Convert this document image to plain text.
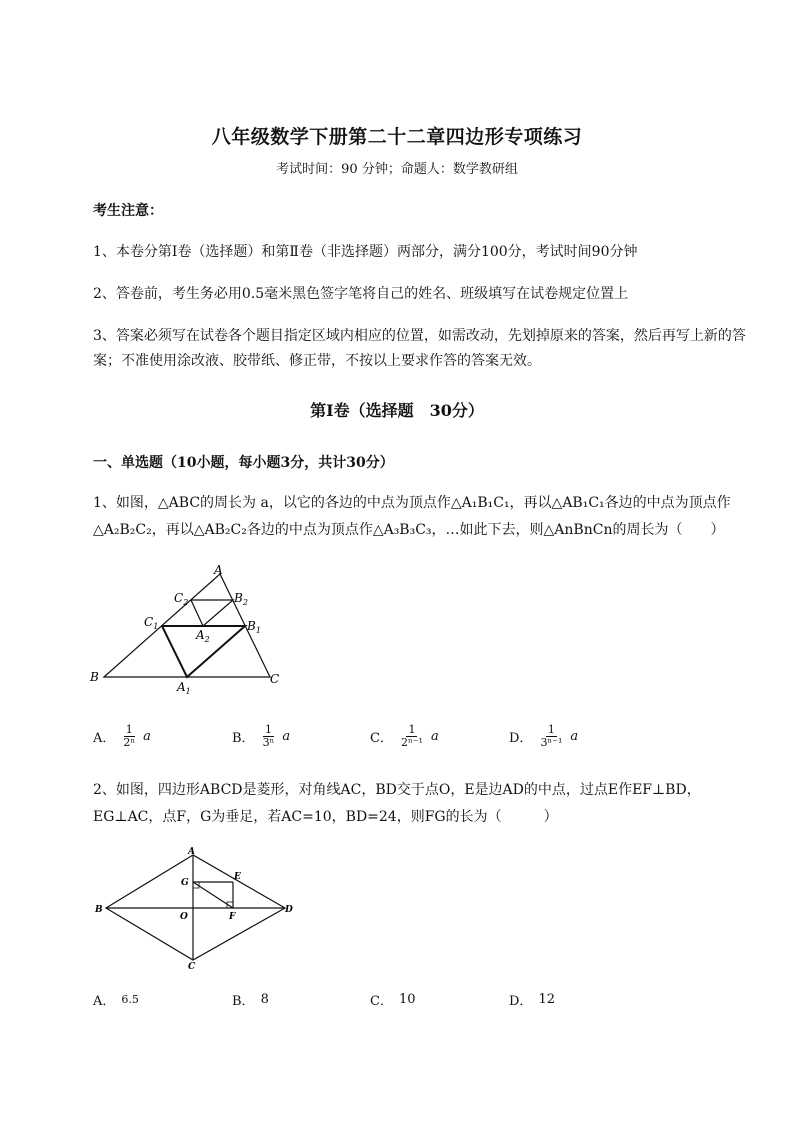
八年级数学下册第二十二章四边形专项练习
考试时间：90 分钟；命题人：数学教研组
考生注意：
1、本卷分第I卷（选择题）和第Ⅱ卷（非选择题）两部分，满分100分，考试时间90分钟
2、答卷前，考生务必用0.5毫米黑色签字笔将自己的姓名、班级填写在试卷规定位置上
3、答案必须写在试卷各个题目指定区域内相应的位置，如需改动，先划掉原来的答案，然后再写上新的答案；不准使用涂改液、胶带纸、修正带，不按以上要求作答的答案无效。
第I卷（选择题　30分）
一、单选题（10小题，每小题3分，共计30分）
1、如图，△ABC的周长为 a，以它的各边的中点为顶点作△A₁B₁C₁，再以△AB₁C₁各边的中点为顶点作△A₂B₂C₂，再以△AB₂C₂各边的中点为顶点作△A₃B₃C₃，…如此下去，则△AnBnCn的周长为（　　）
A
B	C
$C_1$	$B_1$
$A_1$
$C_2$	$B_2$
$A_2$
A． $\frac{1}{\text{2ⁿ}}$ a	B． $\frac{1}{\text{3ⁿ}}$ a	C． $\frac{1}{\text{2ⁿ⁻¹}}$ a	D． $\frac{1}{\text{3ⁿ⁻¹}}$ a
2、如图，四边形ABCD是菱形，对角线AC，BD交于点O，E是边AD的中点，过点E作EF⊥BD，EG⊥AC，点F，G为垂足，若AC=10，BD=24，则FG的长为（　　　）
A
B
C
D
E
F
G
O
A． 6.5	B． 8	C． 10	D． 12
